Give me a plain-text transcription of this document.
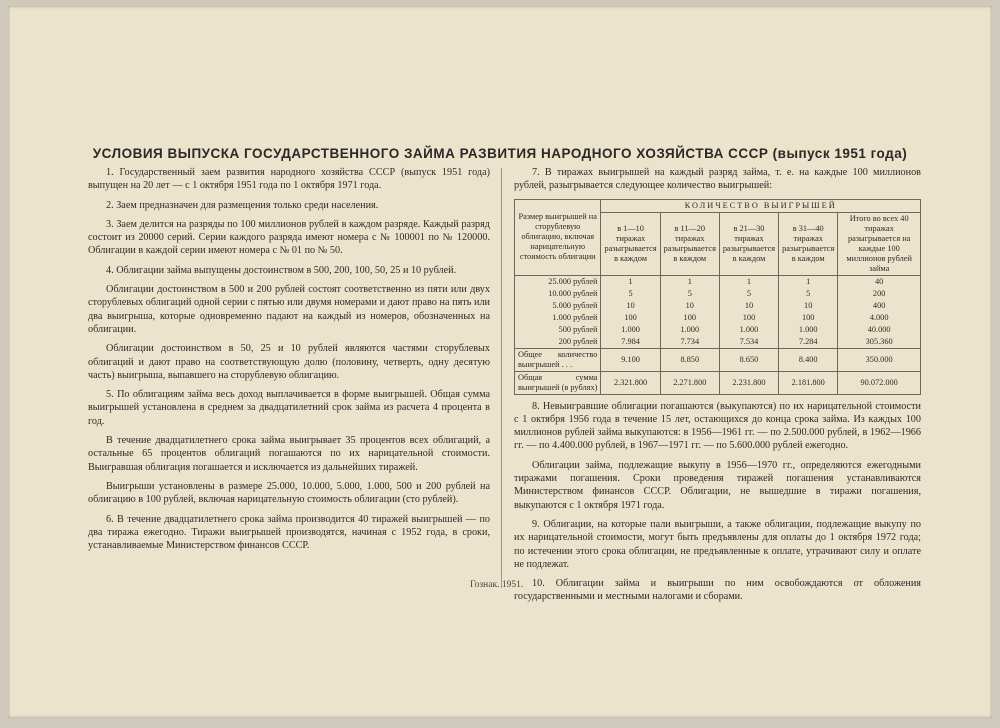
УСЛОВИЯ ВЫПУСКА ГОСУДАРСТВЕННОГО ЗАЙМА РАЗВИТИЯ НАРОДНОГО ХОЗЯЙСТВА СССР (выпуск 1951 года)

1. Государственный заем развития народного хозяйства СССР (выпуск 1951 года) выпущен на 20 лет — с 1 октября 1951 года по 1 октября 1971 года.

2. Заем предназначен для размещения только среди населения.

3. Заем делится на разряды по 100 миллионов рублей в каждом разряде. Каждый разряд состоит из 20000 серий. Серии каждого разряда имеют номера с № 100001 по № 120000. Облигации в каждой серии имеют номера с № 01 по № 50.

4. Облигации займа выпущены достоинством в 500, 200, 100, 50, 25 и 10 рублей.

Облигации достоинством в 500 и 200 рублей состоят соответственно из пяти или двух сторублевых облигаций одной серии с пятью или двумя номерами и дают право на пять или два выигрыша, которые одновременно падают на каждый из номеров, обозначенных на облигации.

Облигации достоинством в 50, 25 и 10 рублей являются частями сторублевых облигаций и дают право на соответствующую долю (половину, четверть, одну десятую часть) выигрыша, выпавшего на сторублевую облигацию.

5. По облигациям займа весь доход выплачивается в форме выигрышей. Общая сумма выигрышей установлена в среднем за двадцатилетний срок займа из расчета 4 процента в год.

В течение двадцатилетнего срока займа выигрывает 35 процентов всех облигаций, а остальные 65 процентов облигаций погашаются по их нарицательной стоимости. Выигравшая облигация погашается и исключается из дальнейших тиражей.

Выигрыши установлены в размере 25.000, 10.000, 5.000, 1.000, 500 и 200 рублей на облигацию в 100 рублей, включая нарицательную стоимость облигации (сто рублей).

6. В течение двадцатилетнего срока займа производится 40 тиражей выигрышей — по два тиража ежегодно. Тиражи выигрышей производятся, начиная с 1952 года, в сроки, устанавливаемые Министерством финансов СССР.

7. В тиражах выигрышей на каждый разряд займа, т. е. на каждые 100 миллионов рублей, разыгрывается следующее количество выигрышей:

Размер выигрышей на сторублевую облигацию, включая нарицательную стоимость облигации	КОЛИЧЕСТВО ВЫИГРЫШЕЙ				
	в 1—10 тиражах разыгрывается в каждом	в 11—20 тиражах разыгрывается в каждом	в 21—30 тиражах разыгрывается в каждом	в 31—40 тиражах разыгрывается в каждом	Итого во всех 40 тиражах разыгрывается на каждые 100 миллионов рублей займа
25.000 рублей	1	1	1	1	40
10.000 рублей	5	5	5	5	200
5.000 рублей	10	10	10	10	400
1.000 рублей	100	100	100	100	4.000
500 рублей	1.000	1.000	1.000	1.000	40.000
200 рублей	7.984	7.734	7.534	7.284	305.360
Общее количество выигрышей . . .	9.100	8.850	8.650	8.400	350.000
Общая сумма выигрышей (в рублях)	2.321.800	2.271.800	2.231.800	2.181.800	90.072.000

8. Невыигравшие облигации погашаются (выкупаются) по их нарицательной стоимости с 1 октября 1956 года в течение 15 лет, остающихся до конца срока займа. Из каждых 100 миллионов рублей займа выкупаются: в 1956—1961 гг. — по 2.500.000 рублей, в 1962—1966 гг. — по 4.400.000 рублей, в 1967—1971 гг. — по 5.600.000 рублей ежегодно.

Облигации займа, подлежащие выкупу в 1956—1970 гг., определяются ежегодными тиражами погашения. Сроки проведения тиражей погашения устанавливаются Министерством финансов СССР. Облигации, не вышедшие в тиражи погашения, выкупаются с 1 октября 1971 года.

9. Облигации, на которые пали выигрыши, а также облигации, подлежащие выкупу по их нарицательной стоимости, могут быть предъявлены для оплаты до 1 октября 1972 года; по истечении этого срока облигации, не предъявленные к оплате, утрачивают силу и оплате не подлежат.

10. Облигации займа и выигрыши по ним освобождаются от обложения государственными и местными налогами и сборами.

Гознак. 1951.
